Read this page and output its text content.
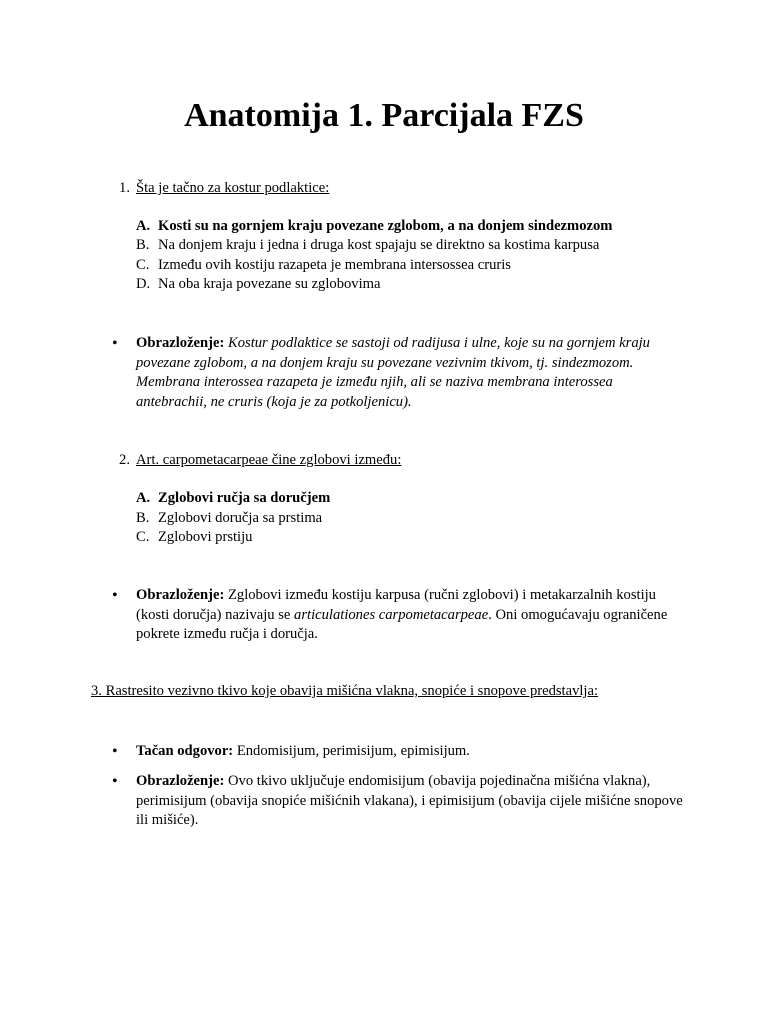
Anatomija 1. Parcijala FZS
1. Šta je tačno za kostur podlaktice:
A. Kosti su na gornjem kraju povezane zglobom, a na donjem sindezmozom
B. Na donjem kraju i jedna i druga kost spajaju se direktno sa kostima karpusa
C. Između ovih kostiju razapeta je membrana intersossea cruris
D. Na oba kraja povezane su zglobovima
• Obrazloženje: Kostur podlaktice se sastoji od radijusa i ulne, koje su na gornjem kraju povezane zglobom, a na donjem kraju su povezane vezivnim tkivom, tj. sindezmozom. Membrana interossea razapeta je između njih, ali se naziva membrana interossea antebrachii, ne cruris (koja je za potkoljenicu).
2. Art. carpometacarpeae čine zglobovi između:
A. Zglobovi ručja sa doručjem
B. Zglobovi doručja sa prstima
C. Zglobovi prstiju
• Obrazloženje: Zglobovi između kostiju karpusa (ručni zglobovi) i metakarzalnih kostiju (kosti doručja) nazivaju se articulationes carpometacarpeae. Oni omogućavaju ograničene pokrete između ručja i doručja.
3. Rastresito vezivno tkivo koje obavija mišićna vlakna, snopiće i snopove predstavlja:
• Tačan odgovor: Endomisijum, perimisijum, epimisijum.
• Obrazloženje: Ovo tkivo uključuje endomisijum (obavija pojedinačna mišićna vlakna), perimisijum (obavija snopiće mišićnih vlakana), i epimisijum (obavija cijele mišićne snopove ili mišiće).
